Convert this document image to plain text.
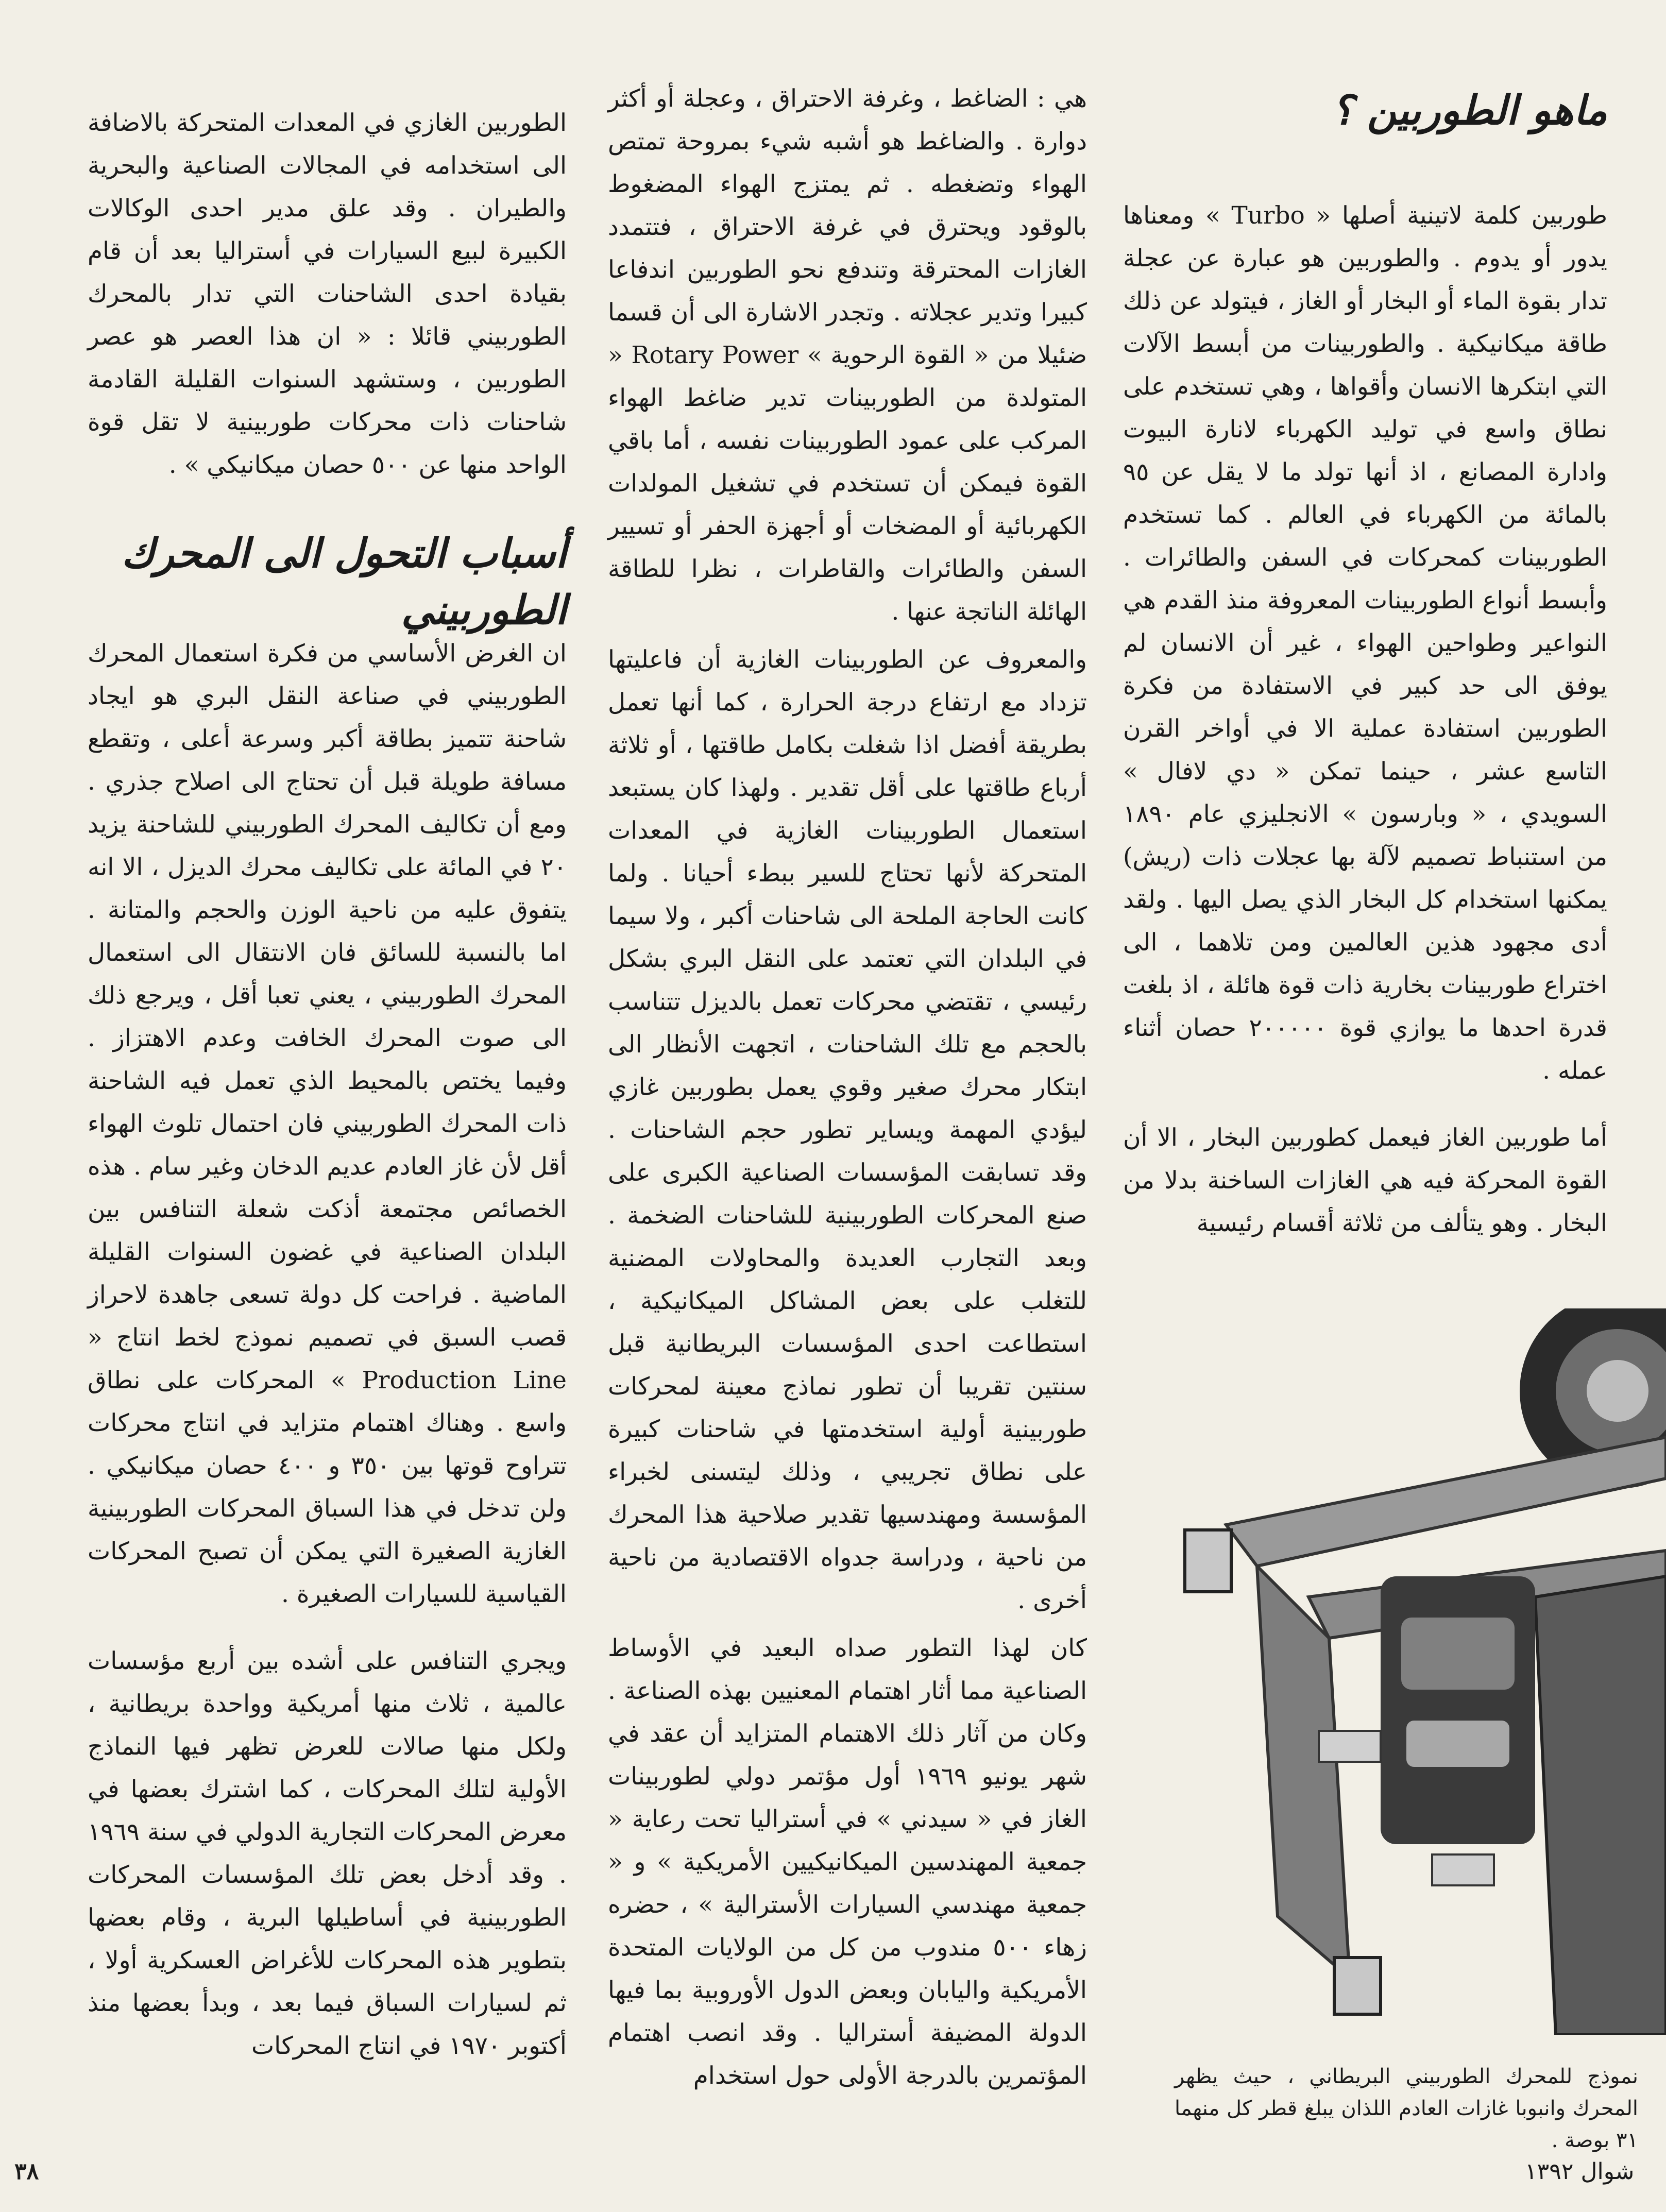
ماهو الطوربين ؟

طوربين كلمة لاتينية أصلها « Turbo » ومعناها يدور أو يدوم . والطوربين هو عبارة عن عجلة تدار بقوة الماء أو البخار أو الغاز ، فيتولد عن ذلك طاقة ميكانيكية . والطوربينات من أبسط الآلات التي ابتكرها الانسان وأقواها ، وهي تستخدم على نطاق واسع في توليد الكهرباء لانارة البيوت وادارة المصانع ، اذ أنها تولد ما لا يقل عن ٩٥ بالمائة من الكهرباء في العالم . كما تستخدم الطوربينات كمحركات في السفن والطائرات . وأبسط أنواع الطوربينات المعروفة منذ القدم هي النواعير وطواحين الهواء ، غير أن الانسان لم يوفق الى حد كبير في الاستفادة من فكرة الطوربين استفادة عملية الا في أواخر القرن التاسع عشر ، حينما تمكن « دي لافال » السويدي ، « وبارسون » الانجليزي عام ١٨٩٠ من استنباط تصميم لآلة بها عجلات ذات (ريش) يمكنها استخدام كل البخار الذي يصل اليها . ولقد أدى مجهود هذين العالمين ومن تلاهما ، الى اختراع طوربينات بخارية ذات قوة هائلة ، اذ بلغت قدرة احدها ما يوازي قوة ٢٠٠٠٠٠ حصان أثناء عمله .

أما طوربين الغاز فيعمل كطوربين البخار ، الا أن القوة المحركة فيه هي الغازات الساخنة بدلا من البخار . وهو يتألف من ثلاثة أقسام رئيسية

هي : الضاغط ، وغرفة الاحتراق ، وعجلة أو أكثر دوارة . والضاغط هو أشبه شيء بمروحة تمتص الهواء وتضغطه . ثم يمتزج الهواء المضغوط بالوقود ويحترق في غرفة الاحتراق ، فتتمدد الغازات المحترقة وتندفع نحو الطوربين اندفاعا كبيرا وتدير عجلاته . وتجدر الاشارة الى أن قسما ضئيلا من « القوة الرحوية » Rotary Power « المتولدة من الطوربينات تدير ضاغط الهواء المركب على عمود الطوربينات نفسه ، أما باقي القوة فيمكن أن تستخدم في تشغيل المولدات الكهربائية أو المضخات أو أجهزة الحفر أو تسيير السفن والطائرات والقاطرات ، نظرا للطاقة الهائلة الناتجة عنها .

والمعروف عن الطوربينات الغازية أن فاعليتها تزداد مع ارتفاع درجة الحرارة ، كما أنها تعمل بطريقة أفضل اذا شغلت بكامل طاقتها ، أو ثلاثة أرباع طاقتها على أقل تقدير . ولهذا كان يستبعد استعمال الطوربينات الغازية في المعدات المتحركة لأنها تحتاج للسير ببطء أحيانا . ولما كانت الحاجة الملحة الى شاحنات أكبر ، ولا سيما في البلدان التي تعتمد على النقل البري بشكل رئيسي ، تقتضي محركات تعمل بالديزل تتناسب بالحجم مع تلك الشاحنات ، اتجهت الأنظار الى ابتكار محرك صغير وقوي يعمل بطوربين غازي ليؤدي المهمة ويساير تطور حجم الشاحنات . وقد تسابقت المؤسسات الصناعية الكبرى على صنع المحركات الطوربينية للشاحنات الضخمة . وبعد التجارب العديدة والمحاولات المضنية للتغلب على بعض المشاكل الميكانيكية ، استطاعت احدى المؤسسات البريطانية قبل سنتين تقريبا أن تطور نماذج معينة لمحركات طوربينية أولية استخدمتها في شاحنات كبيرة على نطاق تجريبي ، وذلك ليتسنى لخبراء المؤسسة ومهندسيها تقدير صلاحية هذا المحرك من ناحية ، ودراسة جدواه الاقتصادية من ناحية أخرى .

كان لهذا التطور صداه البعيد في الأوساط الصناعية مما أثار اهتمام المعنيين بهذه الصناعة . وكان من آثار ذلك الاهتمام المتزايد أن عقد في شهر يونيو ١٩٦٩ أول مؤتمر دولي لطوربينات الغاز في « سيدني » في أستراليا تحت رعاية « جمعية المهندسين الميكانيكيين الأمريكية » و « جمعية مهندسي السيارات الأسترالية » ، حضره زهاء ٥٠٠ مندوب من كل من الولايات المتحدة الأمريكية واليابان وبعض الدول الأوروبية بما فيها الدولة المضيفة أستراليا . وقد انصب اهتمام المؤتمرين بالدرجة الأولى حول استخدام

الطوربين الغازي في المعدات المتحركة بالاضافة الى استخدامه في المجالات الصناعية والبحرية والطيران . وقد علق مدير احدى الوكالات الكبيرة لبيع السيارات في أستراليا بعد أن قام بقيادة احدى الشاحنات التي تدار بالمحرك الطوربيني قائلا : « ان هذا العصر هو عصر الطوربين ، وستشهد السنوات القليلة القادمة شاحنات ذات محركات طوربينية لا تقل قوة الواحد منها عن ٥٠٠ حصان ميكانيكي » .

أسباب التحول الى المحرك الطوربيني

ان الغرض الأساسي من فكرة استعمال المحرك الطوربيني في صناعة النقل البري هو ايجاد شاحنة تتميز بطاقة أكبر وسرعة أعلى ، وتقطع مسافة طويلة قبل أن تحتاج الى اصلاح جذري . ومع أن تكاليف المحرك الطوربيني للشاحنة يزيد ٢٠ في المائة على تكاليف محرك الديزل ، الا انه يتفوق عليه من ناحية الوزن والحجم والمتانة . اما بالنسبة للسائق فان الانتقال الى استعمال المحرك الطوربيني ، يعني تعبا أقل ، ويرجع ذلك الى صوت المحرك الخافت وعدم الاهتزاز . وفيما يختص بالمحيط الذي تعمل فيه الشاحنة ذات المحرك الطوربيني فان احتمال تلوث الهواء أقل لأن غاز العادم عديم الدخان وغير سام . هذه الخصائص مجتمعة أذكت شعلة التنافس بين البلدان الصناعية في غضون السنوات القليلة الماضية . فراحت كل دولة تسعى جاهدة لاحراز قصب السبق في تصميم نموذج لخط انتاج « Production Line » المحركات على نطاق واسع . وهناك اهتمام متزايد في انتاج محركات تتراوح قوتها بين ٣٥٠ و ٤٠٠ حصان ميكانيكي . ولن تدخل في هذا السباق المحركات الطوربينية الغازية الصغيرة التي يمكن أن تصبح المحركات القياسية للسيارات الصغيرة .

ويجري التنافس على أشده بين أربع مؤسسات عالمية ، ثلاث منها أمريكية وواحدة بريطانية ، ولكل منها صالات للعرض تظهر فيها النماذج الأولية لتلك المحركات ، كما اشترك بعضها في معرض المحركات التجارية الدولي في سنة ١٩٦٩ . وقد أدخل بعض تلك المؤسسات المحركات الطوربينية في أساطيلها البرية ، وقام بعضها بتطوير هذه المحركات للأغراض العسكرية أولا ، ثم لسيارات السباق فيما بعد ، وبدأ بعضها منذ أكتوبر ١٩٧٠ في انتاج المحركات

نموذج للمحرك الطوربيني البريطاني ، حيث يظهر المحرك وانبوبا غازات العادم اللذان يبلغ قطر كل منهما ٣١ بوصة .

٣٨	شوال ١٣٩٢
